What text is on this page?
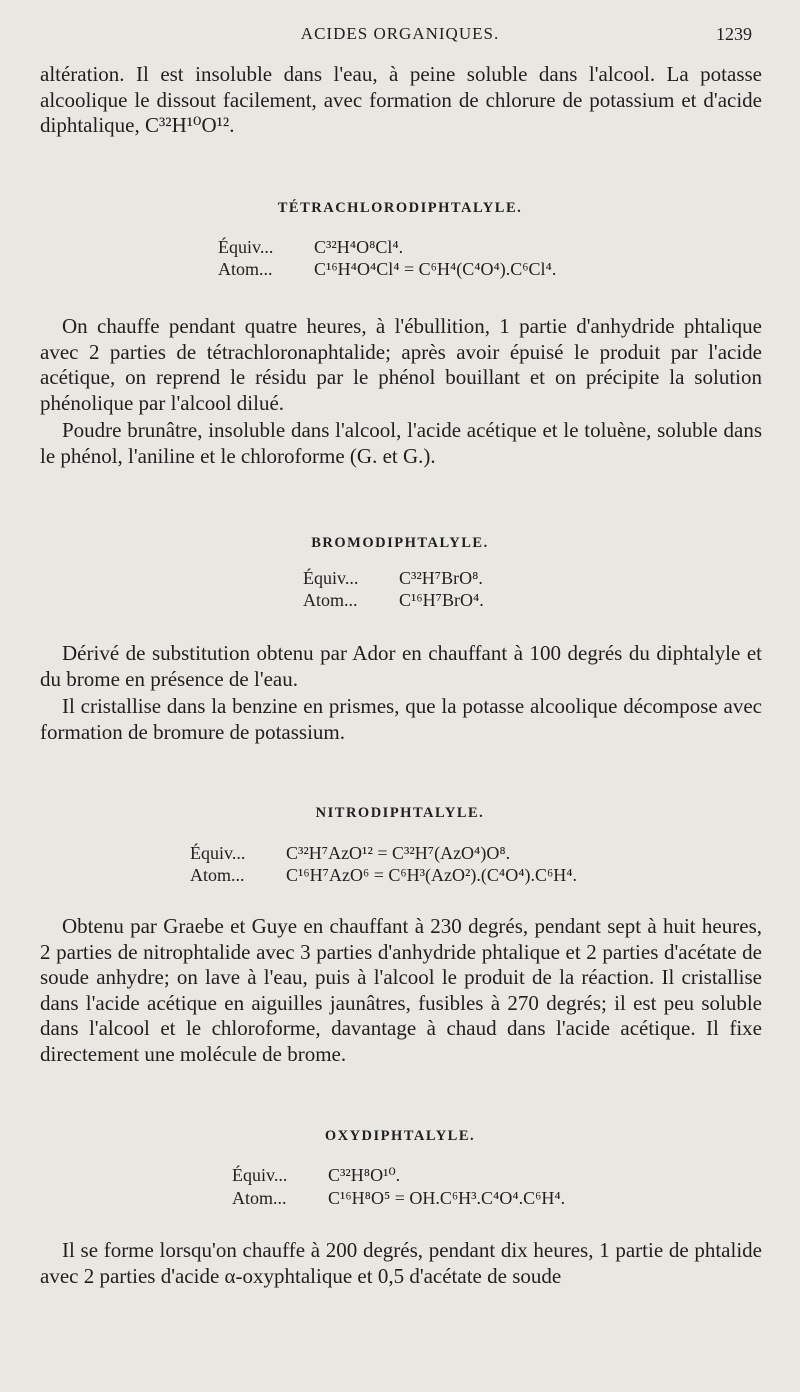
ACIDES ORGANIQUES.	1239

altération. Il est insoluble dans l'eau, à peine soluble dans l'alcool. La potasse alcoolique le dissout facilement, avec formation de chlorure de potassium et d'acide diphtalique, C³²H¹⁰O¹².

TÉTRACHLORODIPHTALYLE.
Équiv... C³²H⁴O⁸Cl⁴.
Atom... C¹⁶H⁴O⁴Cl⁴ = C⁶H⁴(C⁴O⁴).C⁶Cl⁴.

On chauffe pendant quatre heures, à l'ébullition, 1 partie d'anhydride phtalique avec 2 parties de tétrachloronaphtalide; après avoir épuisé le produit par l'acide acétique, on reprend le résidu par le phénol bouillant et on précipite la solution phénolique par l'alcool dilué.

Poudre brunâtre, insoluble dans l'alcool, l'acide acétique et le toluène, soluble dans le phénol, l'aniline et le chloroforme (G. et G.).

BROMODIPHTALYLE.
Équiv... C³²H⁷BrO⁸.
Atom... C¹⁶H⁷BrO⁴.

Dérivé de substitution obtenu par Ador en chauffant à 100 degrés du diphtalyle et du brome en présence de l'eau.

Il cristallise dans la benzine en prismes, que la potasse alcoolique décompose avec formation de bromure de potassium.

NITRODIPHTALYLE.
Équiv... C³²H⁷AzO¹² = C³²H⁷(AzO⁴)O⁸.
Atom... C¹⁶H⁷AzO⁶ = C⁶H³(AzO²).(C⁴O⁴).C⁶H⁴.

Obtenu par Graebe et Guye en chauffant à 230 degrés, pendant sept à huit heures, 2 parties de nitrophtalide avec 3 parties d'anhydride phtalique et 2 parties d'acétate de soude anhydre; on lave à l'eau, puis à l'alcool le produit de la réaction. Il cristallise dans l'acide acétique en aiguilles jaunâtres, fusibles à 270 degrés; il est peu soluble dans l'alcool et le chloroforme, davantage à chaud dans l'acide acétique. Il fixe directement une molécule de brome.

OXYDIPHTALYLE.
Équiv... C³²H⁸O¹⁰.
Atom... C¹⁶H⁸O⁵ = OH.C⁶H³.C⁴O⁴.C⁶H⁴.

Il se forme lorsqu'on chauffe à 200 degrés, pendant dix heures, 1 partie de phtalide avec 2 parties d'acide α-oxyphtalique et 0,5 d'acétate de soude
